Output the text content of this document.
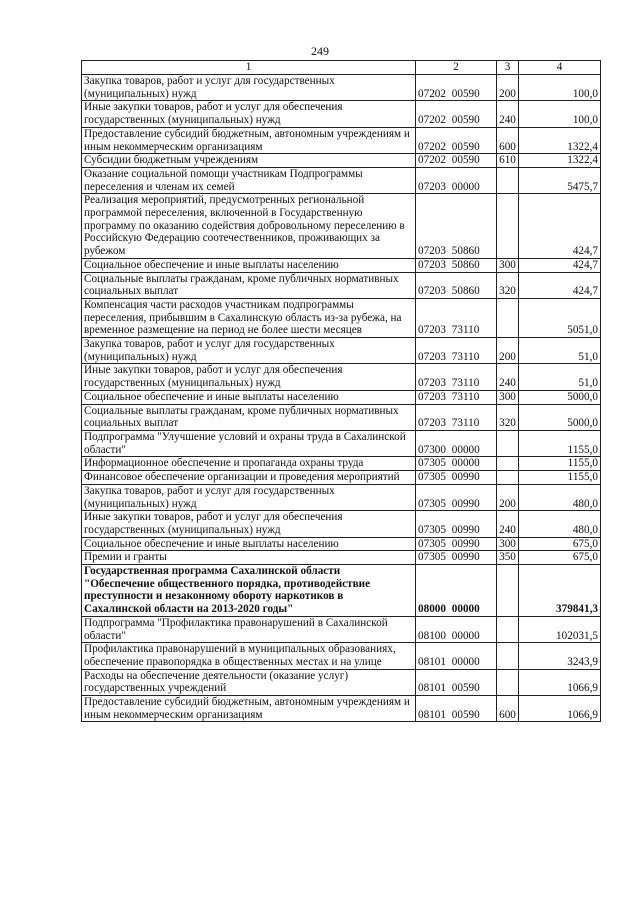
249
1	2	3	4
Закупка товаров, работ и услуг для государственных (муниципальных) нужд	07202 00590	200	100,0
Иные закупки товаров, работ и услуг для обеспечения государственных (муниципальных) нужд	07202 00590	240	100,0
Предоставление субсидий бюджетным, автономным учреждениям и иным некоммерческим организациям	07202 00590	600	1322,4
Субсидии бюджетным учреждениям	07202 00590	610	1322,4
Оказание социальной помощи участникам Подпрограммы переселения и членам их семей	07203 00000		5475,7
Реализация мероприятий, предусмотренных региональной программой переселения, включенной в Государственную программу по оказанию содействия добровольному переселению в Российскую Федерацию соотечественников, проживающих за рубежом	07203 50860		424,7
Социальное обеспечение и иные выплаты населению	07203 50860	300	424,7
Социальные выплаты гражданам, кроме публичных нормативных социальных выплат	07203 50860	320	424,7
Компенсация части расходов участникам подпрограммы переселения, прибывшим в Сахалинскую область из-за рубежа, на временное размещение на период не более шести месяцев	07203 73110		5051,0
Закупка товаров, работ и услуг для государственных (муниципальных) нужд	07203 73110	200	51,0
Иные закупки товаров, работ и услуг для обеспечения государственных (муниципальных) нужд	07203 73110	240	51,0
Социальное обеспечение и иные выплаты населению	07203 73110	300	5000,0
Социальные выплаты гражданам, кроме публичных нормативных социальных выплат	07203 73110	320	5000,0
Подпрограмма "Улучшение условий и охраны труда в Сахалинской области"	07300 00000		1155,0
Информационное обеспечение и пропаганда охраны труда	07305 00000		1155,0
Финансовое обеспечение организации и проведения мероприятий	07305 00990		1155,0
Закупка товаров, работ и услуг для государственных (муниципальных) нужд	07305 00990	200	480,0
Иные закупки товаров, работ и услуг для обеспечения государственных (муниципальных) нужд	07305 00990	240	480,0
Социальное обеспечение и иные выплаты населению	07305 00990	300	675,0
Премии и гранты	07305 00990	350	675,0
Государственная программа Сахалинской области "Обеспечение общественного порядка, противодействие преступности и незаконному обороту наркотиков в Сахалинской области на 2013-2020 годы"	08000 00000		379841,3
Подпрограмма "Профилактика правонарушений в Сахалинской области"	08100 00000		102031,5
Профилактика правонарушений в муниципальных образованиях, обеспечение правопорядка в общественных местах и на улице	08101 00000		3243,9
Расходы на обеспечение деятельности (оказание услуг) государственных учреждений	08101 00590		1066,9
Предоставление субсидий бюджетным, автономным учреждениям и иным некоммерческим организациям	08101 00590	600	1066,9
